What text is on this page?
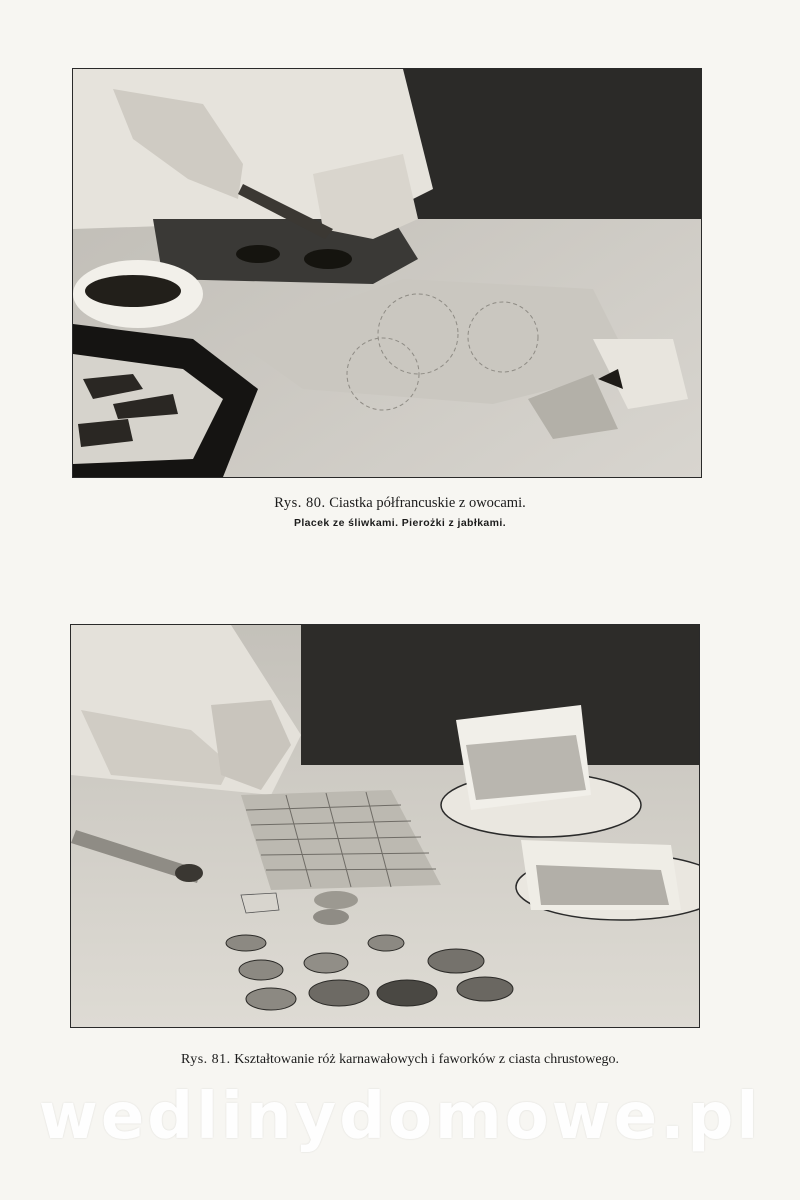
Rys. 80. Ciastka półfrancuskie z owocami.
Placek ze śliwkami. Pierożki z jabłkami.
Rys. 81. Kształtowanie róż karnawałowych i faworków z ciasta chrustowego.
wedlinydomowe.pl
